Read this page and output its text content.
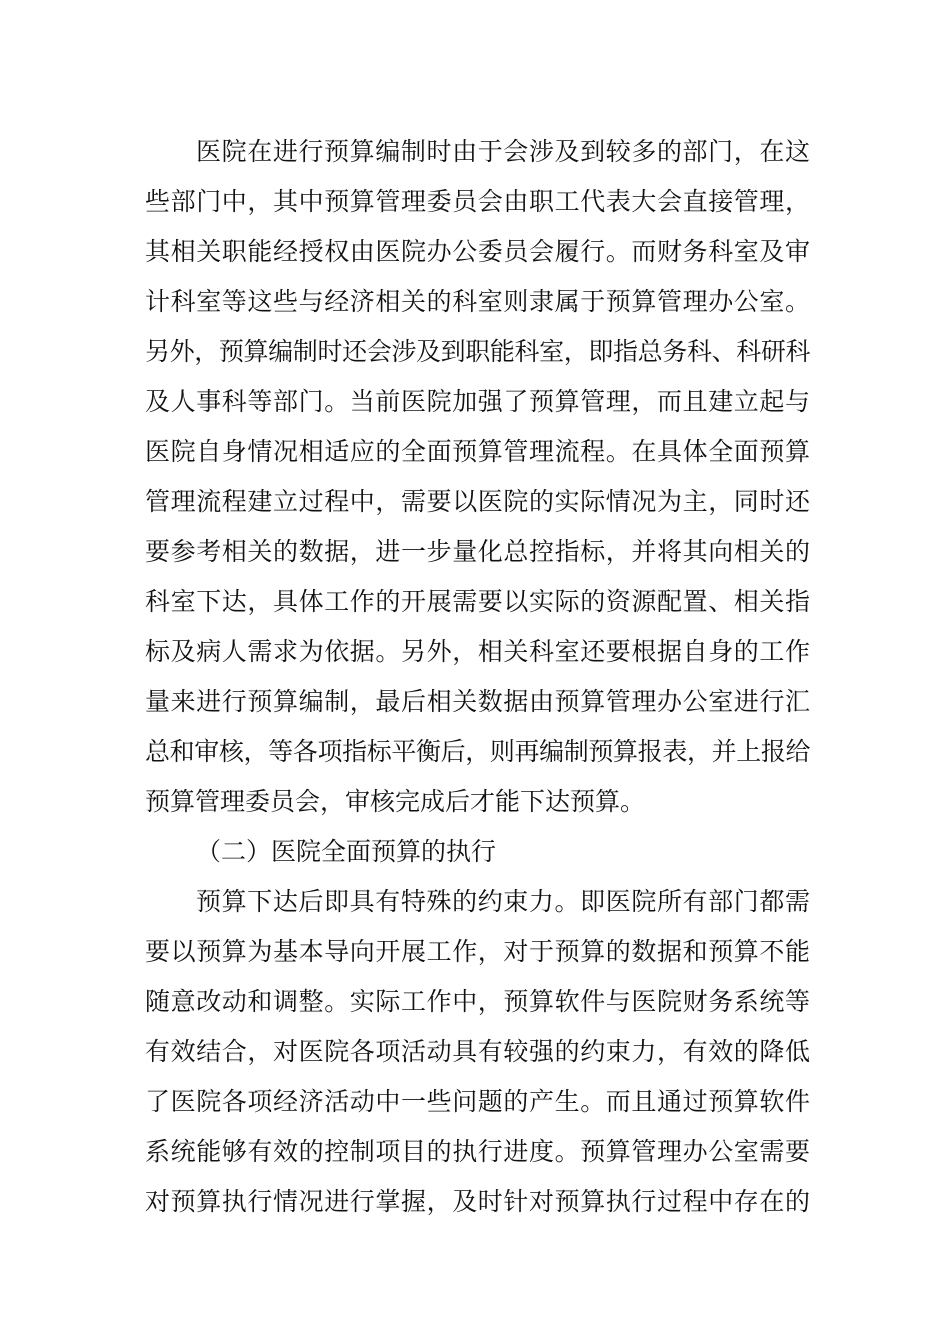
医院在进行预算编制时由于会涉及到较多的部门，在这

些部门中，其中预算管理委员会由职工代表大会直接管理，

其相关职能经授权由医院办公委员会履行。而财务科室及审

计科室等这些与经济相关的科室则隶属于预算管理办公室。

另外，预算编制时还会涉及到职能科室，即指总务科、科研科

及人事科等部门。当前医院加强了预算管理，而且建立起与

医院自身情况相适应的全面预算管理流程。在具体全面预算

管理流程建立过程中，需要以医院的实际情况为主，同时还

要参考相关的数据，进一步量化总控指标，并将其向相关的

科室下达，具体工作的开展需要以实际的资源配置、相关指

标及病人需求为依据。另外，相关科室还要根据自身的工作

量来进行预算编制，最后相关数据由预算管理办公室进行汇

总和审核，等各项指标平衡后，则再编制预算报表，并上报给

预算管理委员会，审核完成后才能下达预算。

（二）医院全面预算的执行

预算下达后即具有特殊的约束力。即医院所有部门都需

要以预算为基本导向开展工作，对于预算的数据和预算不能

随意改动和调整。实际工作中，预算软件与医院财务系统等

有效结合，对医院各项活动具有较强的约束力，有效的降低

了医院各项经济活动中一些问题的产生。而且通过预算软件

系统能够有效的控制项目的执行进度。预算管理办公室需要

对预算执行情况进行掌握，及时针对预算执行过程中存在的
